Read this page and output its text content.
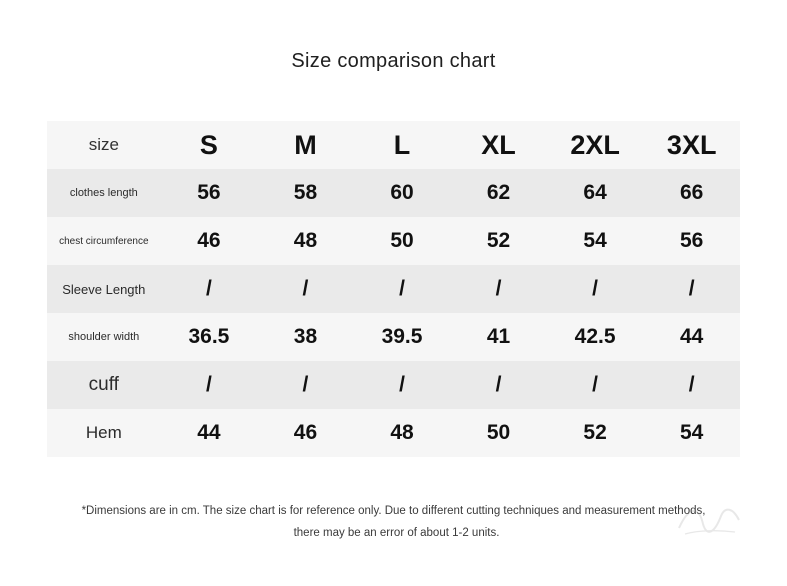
Size comparison chart
size	S	M	L	XL	2XL	3XL
clothes length	56	58	60	62	64	66
chest circumference	46	48	50	52	54	56
Sleeve Length	/	/	/	/	/	/
shoulder width	36.5	38	39.5	41	42.5	44
cuff	/	/	/	/	/	/
Hem	44	46	48	50	52	54
*Dimensions are in cm. The size chart is for reference only. Due to different cutting techniques and measurement methods,
there may be an error of about 1-2 units.
